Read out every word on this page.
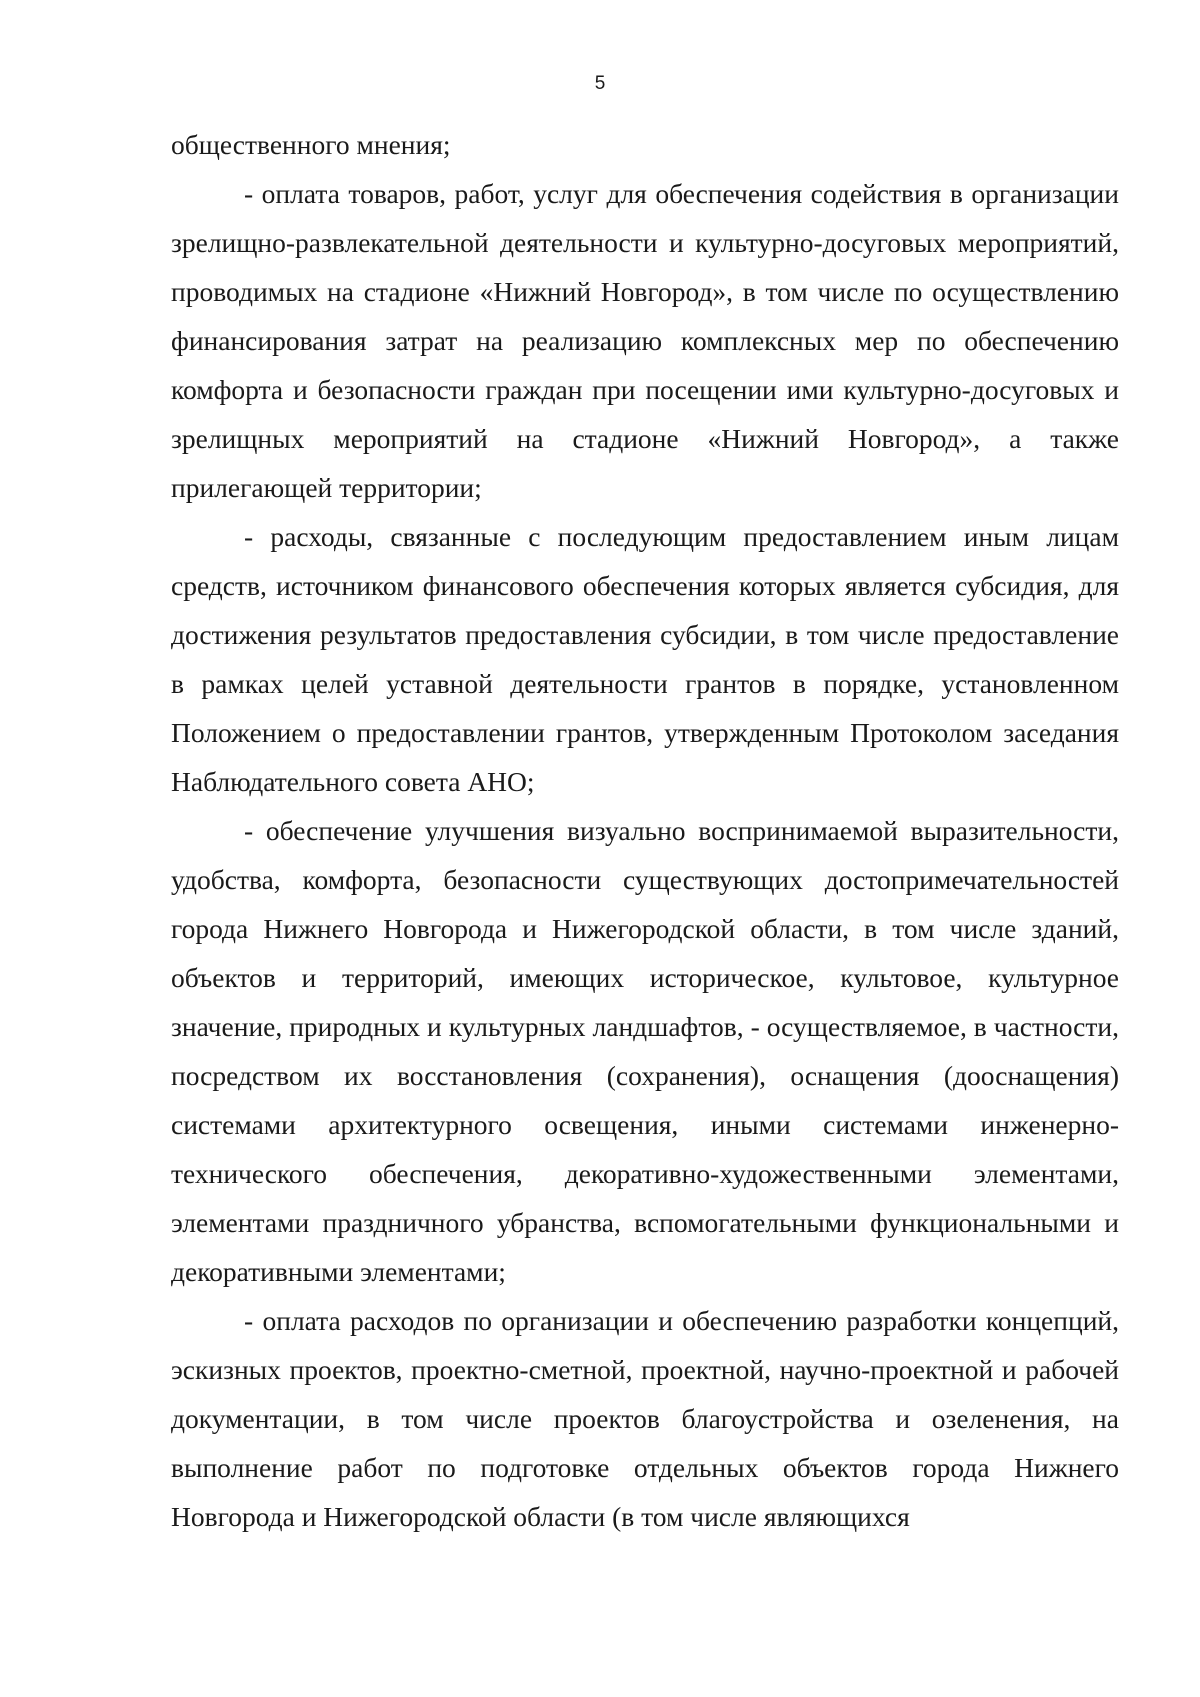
5

общественного мнения;

- оплата товаров, работ, услуг для обеспечения содействия в организации зрелищно-развлекательной деятельности и культурно-досуговых мероприятий, проводимых на стадионе «Нижний Новгород», в том числе по осуществлению финансирования затрат на реализацию комплексных мер по обеспечению комфорта и безопасности граждан при посещении ими культурно-досуговых и зрелищных мероприятий на стадионе «Нижний Новгород», а также прилегающей территории;

- расходы, связанные с последующим предоставлением иным лицам средств, источником финансового обеспечения которых является субсидия, для достижения результатов предоставления субсидии, в том числе предоставление в рамках целей уставной деятельности грантов в порядке, установленном Положением о предоставлении грантов, утвержденным Протоколом заседания Наблюдательного совета АНО;

- обеспечение улучшения визуально воспринимаемой выразительности, удобства, комфорта, безопасности существующих достопримечательностей города Нижнего Новгорода и Нижегородской области, в том числе зданий, объектов и территорий, имеющих историческое, культовое, культурное значение, природных и культурных ландшафтов, - осуществляемое, в частности, посредством их восстановления (сохранения), оснащения (дооснащения) системами архитектурного освещения, иными системами инженерно-технического обеспечения, декоративно-художественными элементами, элементами праздничного убранства, вспомогательными функциональными и декоративными элементами;

- оплата расходов по организации и обеспечению разработки концепций, эскизных проектов, проектно-сметной, проектной, научно-проектной и рабочей документации, в том числе проектов благоустройства и озеленения, на выполнение работ по подготовке отдельных объектов города Нижнего Новгорода и Нижегородской области (в том числе являющихся
